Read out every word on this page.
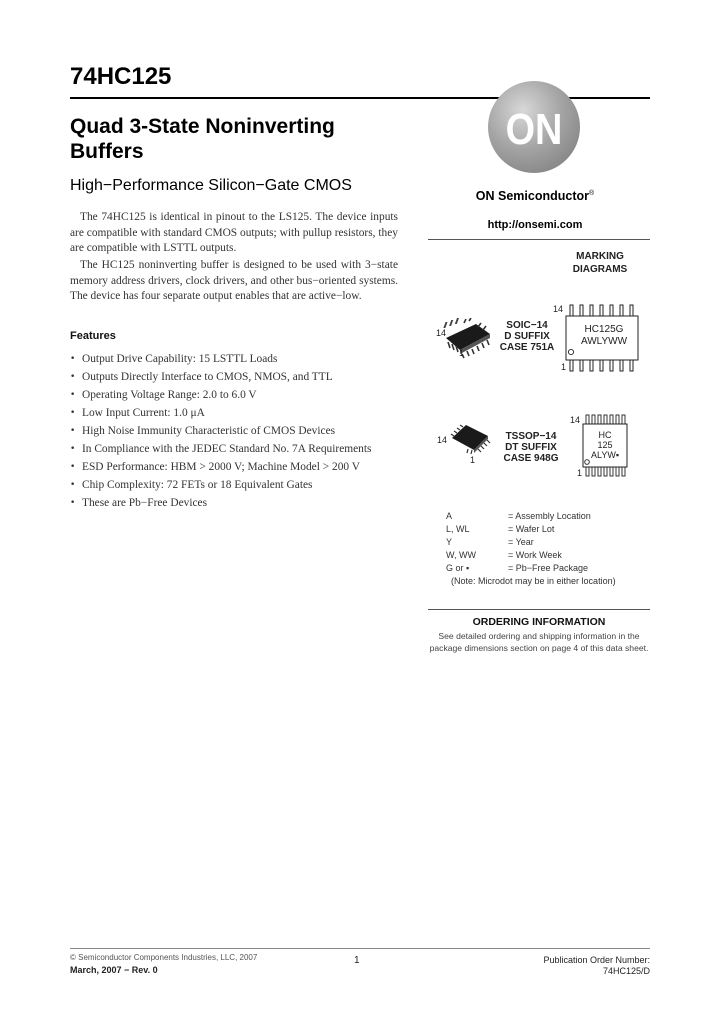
74HC125
Quad 3-State Noninverting
Buffers
High−Performance Silicon−Gate CMOS

The 74HC125 is identical in pinout to the LS125. The device inputs are compatible with standard CMOS outputs; with pullup resistors, they are compatible with LSTTL outputs.

The HC125 noninverting buffer is designed to be used with 3−state memory address drivers, clock drivers, and other bus−oriented systems. The device has four separate output enables that are active−low.

Features
• Output Drive Capability: 15 LSTTL Loads
• Outputs Directly Interface to CMOS, NMOS, and TTL
• Operating Voltage Range: 2.0 to 6.0 V
• Low Input Current: 1.0 μA
• High Noise Immunity Characteristic of CMOS Devices
• In Compliance with the JEDEC Standard No. 7A Requirements
• ESD Performance: HBM > 2000 V; Machine Model > 200 V
• Chip Complexity: 72 FETs or 18 Equivalent Gates
• These are Pb−Free Devices
ON
ON Semiconductor®
http://onsemi.com
MARKING
DIAGRAMS
14
1
SOIC−14
D SUFFIX
CASE 751A
HC125G
AWLYWW
14
1
14
1
TSSOP−14
DT SUFFIX
CASE 948G
HC
125
ALYW▪
14
1
A	= Assembly Location
L, WL	= Wafer Lot
Y	= Year
W, WW	= Work Week
G or ▪	= Pb−Free Package
(Note: Microdot may be in either location)
ORDERING INFORMATION
See detailed ordering and shipping information in the package dimensions section on page 4 of this data sheet.
© Semiconductor Components Industries, LLC, 2007
March, 2007 − Rev. 0
1	Publication Order Number:
74HC125/D
